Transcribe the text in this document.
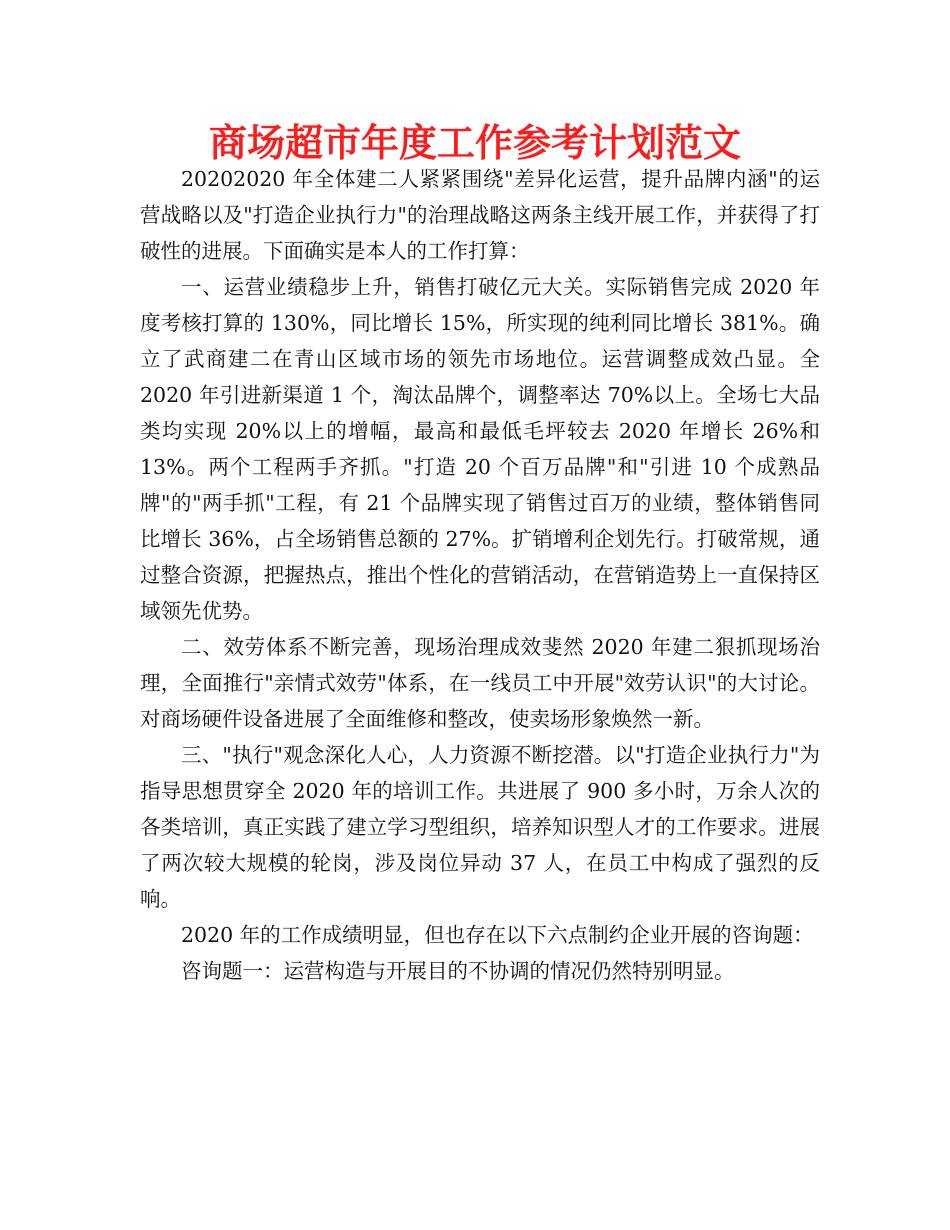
商场超市年度工作参考计划范文

20202020 年全体建二人紧紧围绕"差异化运营，提升品牌内涵"的运营战略以及"打造企业执行力"的治理战略这两条主线开展工作，并获得了打破性的进展。下面确实是本人的工作打算：

一、运营业绩稳步上升，销售打破亿元大关。实际销售完成 2020 年度考核打算的 130%，同比增长 15%，所实现的纯利同比增长 381%。确立了武商建二在青山区域市场的领先市场地位。运营调整成效凸显。全 2020 年引进新渠道 1 个，淘汰品牌个，调整率达 70%以上。全场七大品类均实现 20%以上的增幅，最高和最低毛坪较去 2020 年增长 26%和 13%。两个工程两手齐抓。"打造 20 个百万品牌"和"引进 10 个成熟品牌"的"两手抓"工程，有 21 个品牌实现了销售过百万的业绩，整体销售同比增长 36%，占全场销售总额的 27%。扩销增利企划先行。打破常规，通过整合资源，把握热点，推出个性化的营销活动，在营销造势上一直保持区域领先优势。

二、效劳体系不断完善，现场治理成效斐然 2020 年建二狠抓现场治理，全面推行"亲情式效劳"体系，在一线员工中开展"效劳认识"的大讨论。对商场硬件设备进展了全面维修和整改，使卖场形象焕然一新。

三、"执行"观念深化人心，人力资源不断挖潜。以"打造企业执行力"为指导思想贯穿全 2020 年的培训工作。共进展了 900 多小时，万余人次的各类培训，真正实践了建立学习型组织，培养知识型人才的工作要求。进展了两次较大规模的轮岗，涉及岗位异动 37 人，在员工中构成了强烈的反响。

2020 年的工作成绩明显，但也存在以下六点制约企业开展的咨询题：

咨询题一：运营构造与开展目的不协调的情况仍然特别明显。
